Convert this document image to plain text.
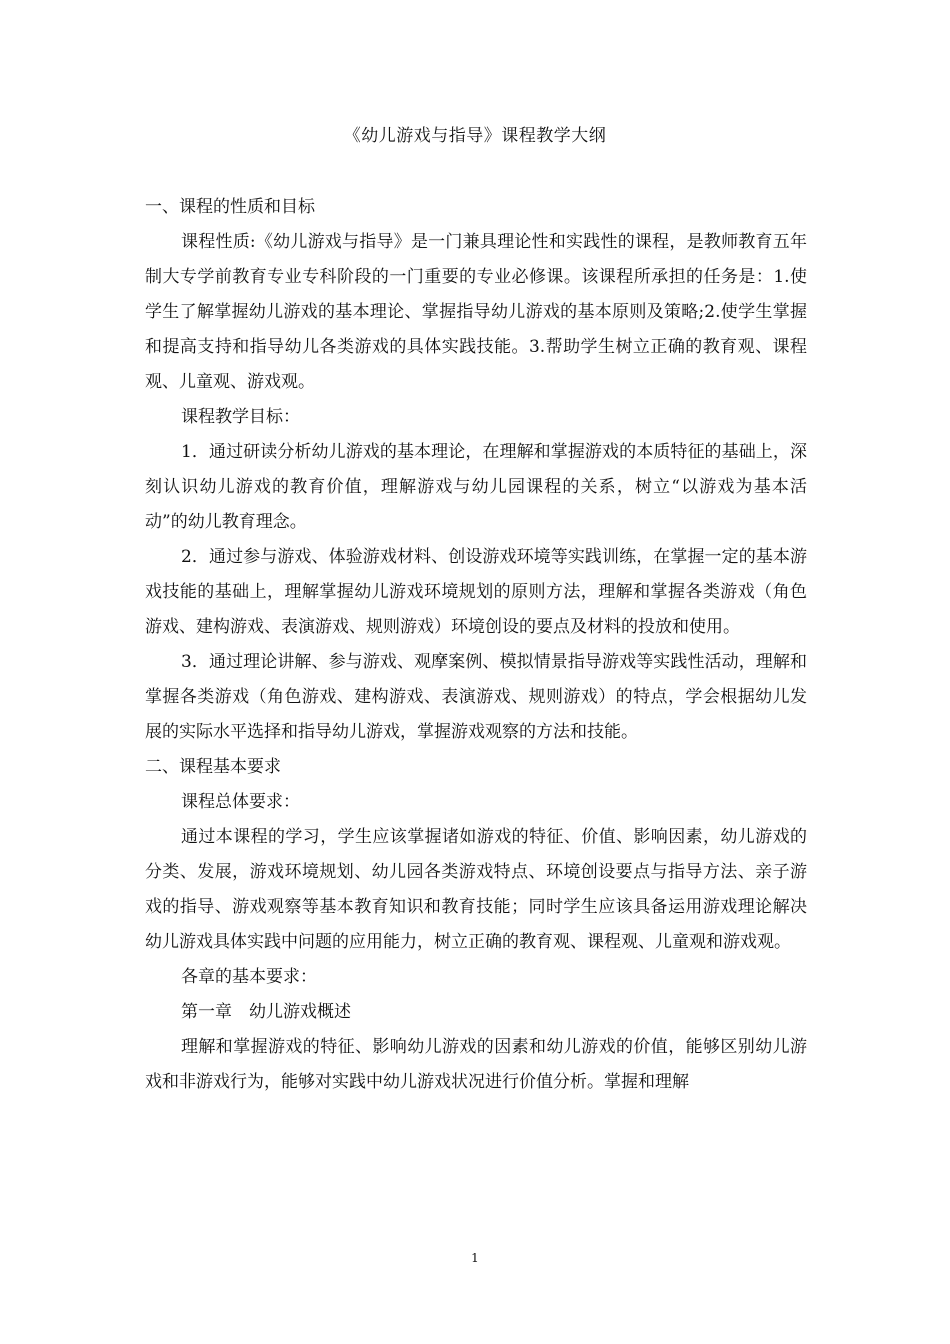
《幼儿游戏与指导》课程教学大纲

一、课程的性质和目标

课程性质:《幼儿游戏与指导》是一门兼具理论性和实践性的课程，是教师教育五年制大专学前教育专业专科阶段的一门重要的专业必修课。该课程所承担的任务是：1.使学生了解掌握幼儿游戏的基本理论、掌握指导幼儿游戏的基本原则及策略;2.使学生掌握和提高支持和指导幼儿各类游戏的具体实践技能。3.帮助学生树立正确的教育观、课程观、儿童观、游戏观。

课程教学目标：

1．通过研读分析幼儿游戏的基本理论，在理解和掌握游戏的本质特征的基础上，深刻认识幼儿游戏的教育价值，理解游戏与幼儿园课程的关系，树立“以游戏为基本活动”的幼儿教育理念。

2．通过参与游戏、体验游戏材料、创设游戏环境等实践训练，在掌握一定的基本游戏技能的基础上，理解掌握幼儿游戏环境规划的原则方法，理解和掌握各类游戏（角色游戏、建构游戏、表演游戏、规则游戏）环境创设的要点及材料的投放和使用。

3．通过理论讲解、参与游戏、观摩案例、模拟情景指导游戏等实践性活动，理解和掌握各类游戏（角色游戏、建构游戏、表演游戏、规则游戏）的特点，学会根据幼儿发展的实际水平选择和指导幼儿游戏，掌握游戏观察的方法和技能。

二、课程基本要求

课程总体要求：

通过本课程的学习，学生应该掌握诸如游戏的特征、价值、影响因素，幼儿游戏的分类、发展，游戏环境规划、幼儿园各类游戏特点、环境创设要点与指导方法、亲子游戏的指导、游戏观察等基本教育知识和教育技能；同时学生应该具备运用游戏理论解决幼儿游戏具体实践中问题的应用能力，树立正确的教育观、课程观、儿童观和游戏观。

各章的基本要求：

第一章　幼儿游戏概述

理解和掌握游戏的特征、影响幼儿游戏的因素和幼儿游戏的价值，能够区别幼儿游戏和非游戏行为，能够对实践中幼儿游戏状况进行价值分析。掌握和理解

1
